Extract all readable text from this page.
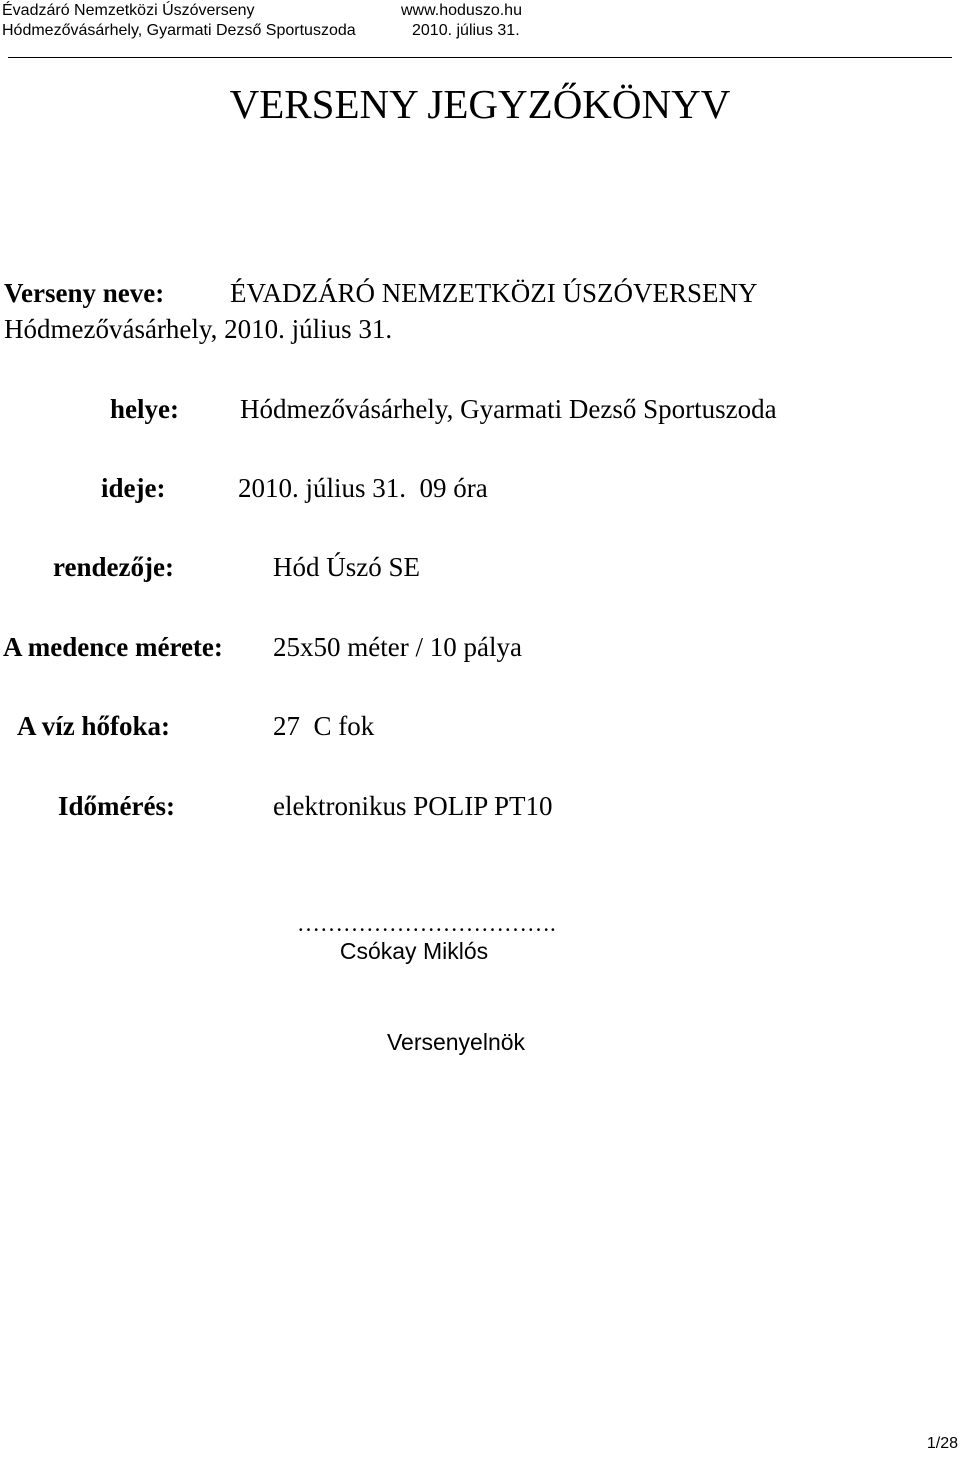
Évadzáró Nemzetközi Úszóverseny	www.hoduszo.hu
Hódmezővásárhely, Gyarmati Dezső Sportuszoda	2010. július 31.
VERSENY JEGYZŐKÖNYV
Verseny neve: ÉVADZÁRÓ NEMZETKÖZI ÚSZÓVERSENY
Hódmezővásárhely, 2010. július 31.
helye: Hódmezővásárhely, Gyarmati Dezső Sportuszoda
ideje:	2010. július 31.  09 óra
rendezője:	Hód Úszó SE
A medence mérete: 25x50 méter / 10 pálya
A víz hőfoka:	27  C fok
Időmérés:	elektronikus POLIP PT10
…………………………….
Csókay Miklós
Versenyelnök
1/28
